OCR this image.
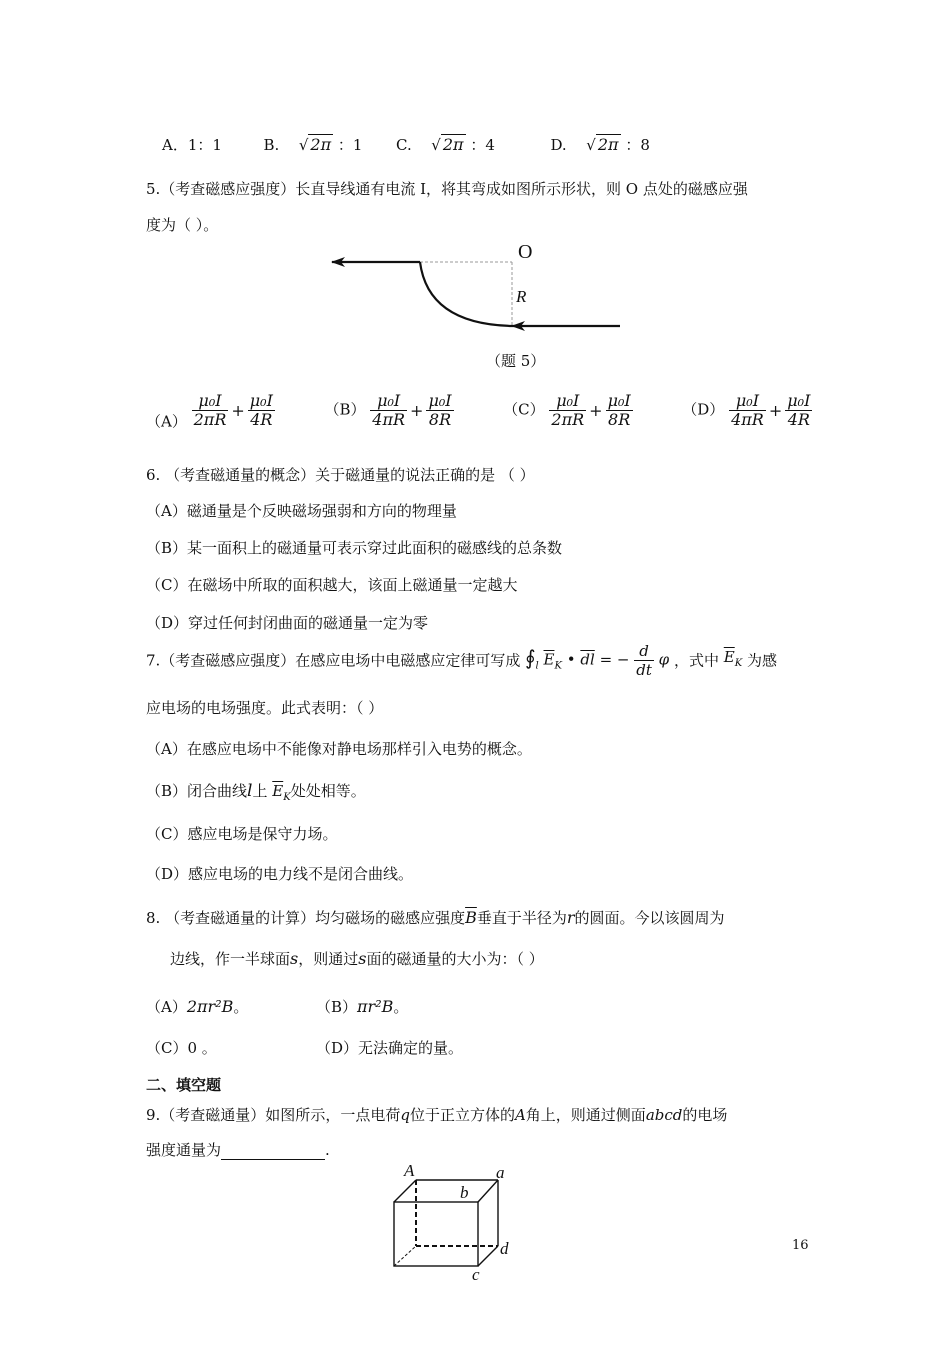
A．1：1	B. √ 2π ：1 C. √ 2π ：4	D. √ 2π ：8
5.（考查磁感应强度）长直导线通有电流 I，将其弯成如图所示形状，则 O 点处的磁感应强
度为（ ）。
O
R
（题 5）
$(A) \frac{\text{μ₀I}}{2\pi R} + \frac{\text{μ₀I}}{4R}$	$(B) \frac{\text{μ₀I}}{4\pi R} + \frac{\text{μ₀I}}{8R}$	$(C) \frac{\text{μ₀I}}{2\pi R} + \frac{\text{μ₀I}}{8R}$	$(D) \frac{\text{μ₀I}}{4\pi R} + \frac{\text{μ₀I}}{4R}$
6. （考查磁通量的概念）关于磁通量的说法正确的是 （ ）
（A）磁通量是个反映磁场强弱和方向的物理量
（B）某一面积上的磁通量可表示穿过此面积的磁感线的总条数
（C）在磁场中所取的面积越大，该面上磁通量一定越大
（D）穿过任何封闭曲面的磁通量一定为零
7.（考查磁感应强度）在感应电场中电磁感应定律可写成 $∮_l$ $\overline{E}_K$ • $\overline{dl}$ = − $\frac{d}{dt}$ φ ，式中 $\overline{E}_K$ 为感
应电场的电场强度。此式表明：（ ）
（A）在感应电场中不能像对静电场那样引入电势的概念。
（B）闭合曲线l上 $\overline{E}_K$处处相等。
（C）感应电场是保守力场。
（D）感应电场的电力线不是闭合曲线。
8. （考查磁通量的计算）均匀磁场的磁感应强度$\overline{B}$垂直于半径为r的圆面。今以该圆周为
边线，作一半球面s，则通过s面的磁通量的大小为：（ ）
（A）2πr²B。	（B）πr²B。
（C）0 。	（D）无法确定的量。
二、填空题
9.（考查磁通量）如图所示，一点电荷q位于正立方体的A角上，则通过侧面abcd的电场
强度通量为	.
A	a
b
d
c
16
